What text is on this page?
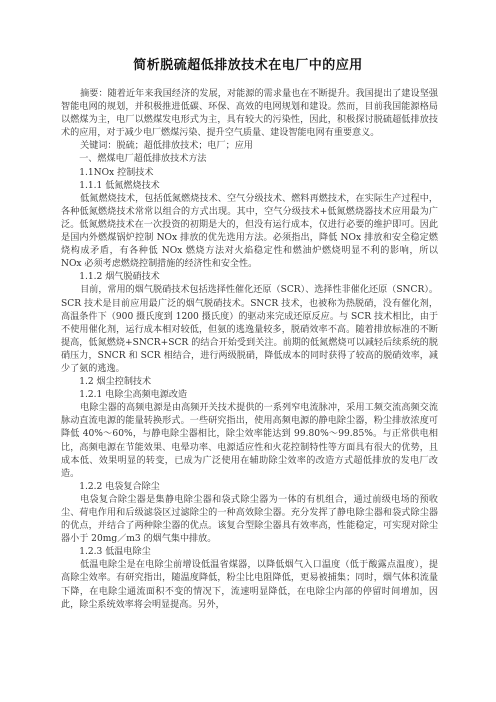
简析脱硫超低排放技术在电厂中的应用

摘要：随着近年来我国经济的发展，对能源的需求量也在不断提升。我国提出了建设坚强智能电网的规划，并积极推进低碳、环保、高效的电网规划和建设。然而，目前我国能源格局以燃煤为主，电厂以燃煤发电形式为主，具有较大的污染性，因此，积极探讨脱硫超低排放技术的应用，对于减少电厂燃煤污染、提升空气质量、建设智能电网有重要意义。

关键词：脱硫；超低排放技术；电厂；应用

一、燃煤电厂超低排放技术方法

1.1NOx 控制技术

1.1.1 低氮燃烧技术

低氮燃烧技术，包括低氮燃烧技术、空气分级技术、燃料再燃技术，在实际生产过程中，各种低氮燃烧技术常常以组合的方式出现。其中，空气分级技术+低氮燃烧器技术应用最为广泛。低氮燃烧技术在一次投资的初期是大的，但没有运行成本，仅进行必要的维护即可。因此是国内外燃煤锅炉控制 NOx 排放的优先选用方法。必须指出，降低 NOx 排放和安全稳定燃烧构成矛盾，有各种低 NOx 燃烧方法对火焰稳定性和燃油炉燃烧明显不利的影响，所以 NOx 必须考虑燃烧控制措施的经济性和安全性。

1.1.2 烟气脱硝技术

目前，常用的烟气脱硝技术包括选择性催化还原（SCR）、选择性非催化还原（SNCR）。SCR 技术是目前应用最广泛的烟气脱硝技术。SNCR 技术，也被称为热脱硝，没有催化剂，高温条件下（900 摄氏度到 1200 摄氏度）的驱动来完成还原反应。与 SCR 技术相比，由于不使用催化剂，运行成本相对较低，但氨的逃逸量较多，脱硝效率不高。随着排放标准的不断提高，低氮燃烧+SNCR+SCR 的结合开始受到关注。前期的低氮燃烧可以减轻后续系统的脱硝压力，SNCR 和 SCR 相结合，进行两级脱硝，降低成本的同时获得了较高的脱硝效率，减少了氨的逃逸。

1.2 烟尘控制技术

1.2.1 电除尘高频电源改造

电除尘器的高频电源是由高频开关技术提供的一系列窄电流脉冲，采用工频交流高频交流脉动直流电源的能量转换形式。一些研究指出，使用高频电源的静电除尘器，粉尘排放浓度可降低 40%～60%，与静电除尘器相比，除尘效率能达到 99.80%～99.85%。与正常供电相比，高频电源在节能效果、电晕功率、电源适应性和火花控制特性等方面具有很大的优势，且成本低、效果明显的转变，已成为广泛使用在辅助除尘效率的改造方式超低排放的发电厂改造。

1.2.2 电袋复合除尘

电袋复合除尘器是集静电除尘器和袋式除尘器为一体的有机组合，通过前级电场的预收尘、荷电作用和后级滤袋区过滤除尘的一种高效除尘器。充分发挥了静电除尘器和袋式除尘器的优点，并结合了两种除尘器的优点。该复合型除尘器具有效率高，性能稳定，可实现对除尘器小于 20mg／m3 的烟气集中排放。

1.2.3 低温电除尘

低温电除尘是在电除尘前增设低温省煤器，以降低烟气入口温度（低于酸露点温度），提高除尘效率。有研究指出，随温度降低，粉尘比电阻降低，更易被捕集；同时，烟气体积流量下降，在电除尘通流面积不变的情况下，流速明显降低，在电除尘内部的停留时间增加，因此，除尘系统效率将会明显提高。另外，
